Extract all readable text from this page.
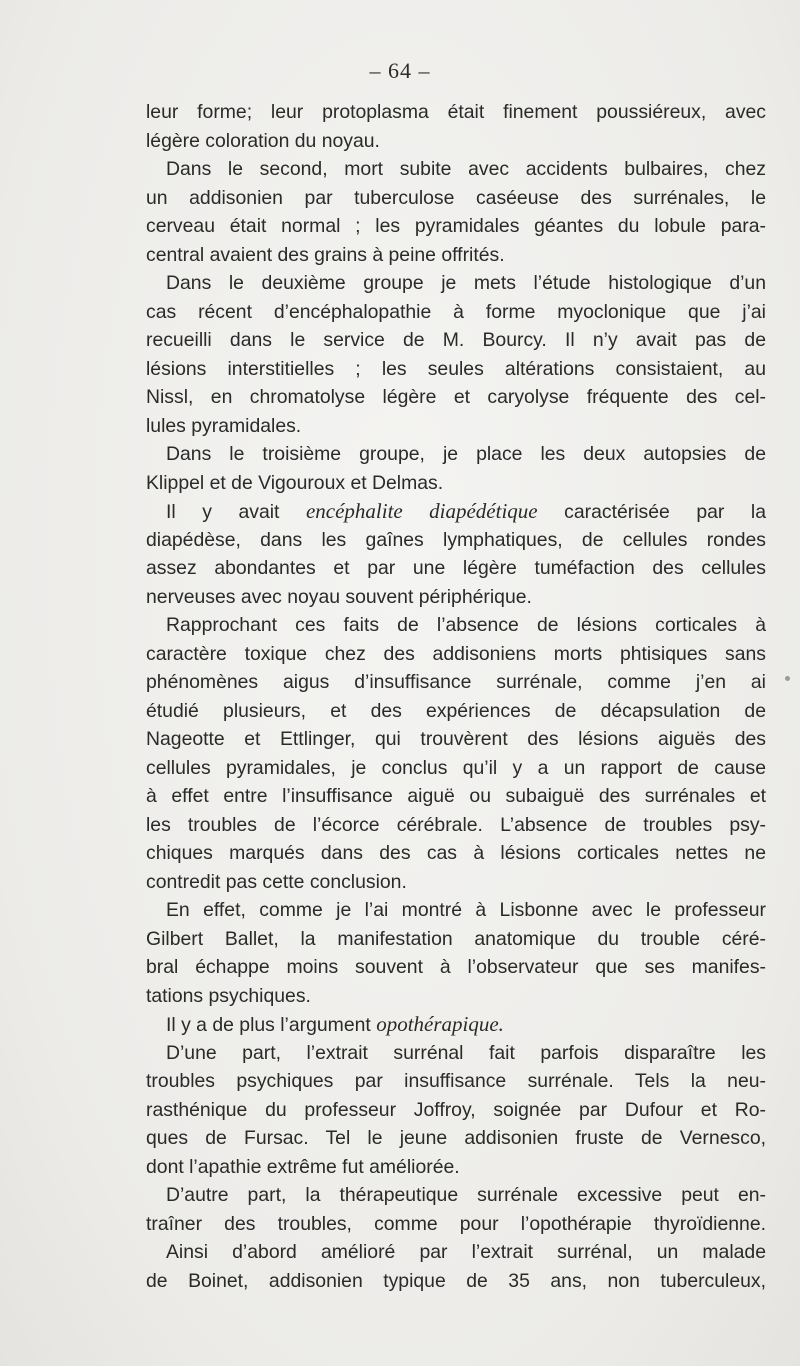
– 64 –
leur forme; leur protoplasma était finement poussiéreux, avec
légère coloration du noyau.
Dans le second, mort subite avec accidents bulbaires, chez
un addisonien par tuberculose caséeuse des surrénales, le
cerveau était normal ; les pyramidales géantes du lobule para-
central avaient des grains à peine offrités.
Dans le deuxième groupe je mets l’étude histologique d’un
cas récent d’encéphalopathie à forme myoclonique que j’ai
recueilli dans le service de M. Bourcy. Il n’y avait pas de
lésions interstitielles ; les seules altérations consistaient, au
Nissl, en chromatolyse légère et caryolyse fréquente des cel-
lules pyramidales.
Dans le troisième groupe, je place les deux autopsies de
Klippel et de Vigouroux et Delmas.
Il y avait encéphalite diapédétique caractérisée par la
diapédèse, dans les gaînes lymphatiques, de cellules rondes
assez abondantes et par une légère tuméfaction des cellules
nerveuses avec noyau souvent périphérique.
Rapprochant ces faits de l’absence de lésions corticales à
caractère toxique chez des addisoniens morts phtisiques sans
phénomènes aigus d’insuffisance surrénale, comme j’en ai
étudié plusieurs, et des expériences de décapsulation de
Nageotte et Ettlinger, qui trouvèrent des lésions aiguës des
cellules pyramidales, je conclus qu’il y a un rapport de cause
à effet entre l’insuffisance aiguë ou subaiguë des surrénales et
les troubles de l’écorce cérébrale. L’absence de troubles psy-
chiques marqués dans des cas à lésions corticales nettes ne
contredit pas cette conclusion.
En effet, comme je l’ai montré à Lisbonne avec le professeur
Gilbert Ballet, la manifestation anatomique du trouble céré-
bral échappe moins souvent à l’observateur que ses manifes-
tations psychiques.
Il y a de plus l’argument opothérapique.
D’une part, l’extrait surrénal fait parfois disparaître les
troubles psychiques par insuffisance surrénale. Tels la neu-
rasthénique du professeur Joffroy, soignée par Dufour et Ro-
ques de Fursac. Tel le jeune addisonien fruste de Vernesco,
dont l’apathie extrême fut améliorée.
D’autre part, la thérapeutique surrénale excessive peut en-
traîner des troubles, comme pour l’opothérapie thyroïdienne.
Ainsi d’abord amélioré par l’extrait surrénal, un malade
de Boinet, addisonien typique de 35 ans, non tuberculeux,
